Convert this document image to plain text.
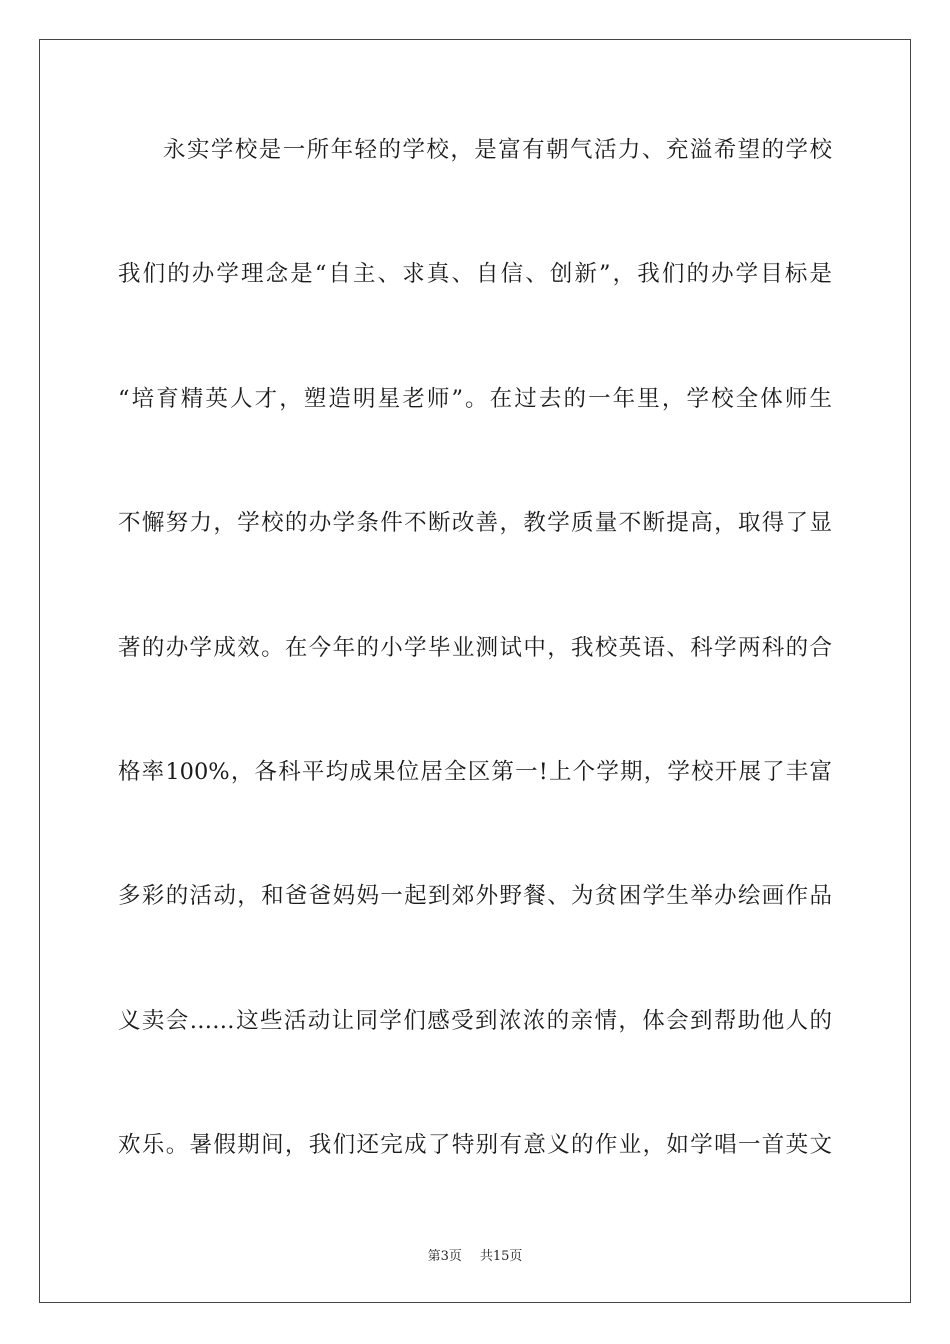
永实学校是一所年轻的学校，是富有朝气活力、充溢希望的学校
我们的办学理念是“自主、求真、自信、创新”，我们的办学目标是
“培育精英人才，塑造明星老师”。在过去的一年里，学校全体师生
不懈努力，学校的办学条件不断改善，教学质量不断提高，取得了显
著的办学成效。在今年的小学毕业测试中，我校英语、科学两科的合
格率100%，各科平均成果位居全区第一!上个学期，学校开展了丰富
多彩的活动，和爸爸妈妈一起到郊外野餐、为贫困学生举办绘画作品
义卖会……这些活动让同学们感受到浓浓的亲情，体会到帮助他人的
欢乐。暑假期间，我们还完成了特别有意义的作业，如学唱一首英文
第3页 共15页
